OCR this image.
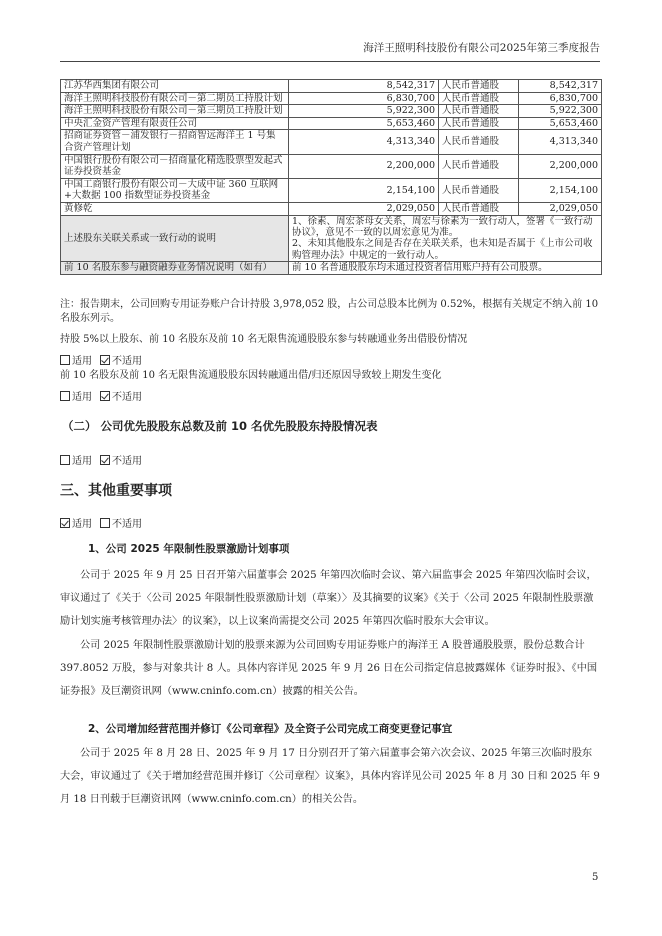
海洋王照明科技股份有限公司2025年第三季度报告
江苏华西集团有限公司	8,542,317	人民币普通股	8,542,317
海洋王照明科技股份有限公司－第二期员工持股计划	6,830,700	人民币普通股	6,830,700
海洋王照明科技股份有限公司－第三期员工持股计划	5,922,300	人民币普通股	5,922,300
中央汇金资产管理有限责任公司	5,653,460	人民币普通股	5,653,460
招商证券资管－浦发银行－招商智远海洋王 1 号集合资产管理计划	4,313,340	人民币普通股	4,313,340
中国银行股份有限公司－招商量化精选股票型发起式证券投资基金	2,200,000	人民币普通股	2,200,000
中国工商银行股份有限公司－大成中证 360 互联网+大数据 100 指数型证券投资基金	2,154,100	人民币普通股	2,154,100
黄修乾	2,029,050	人民币普通股	2,029,050
上述股东关联关系或一致行动的说明	1、徐素、周宏茶母女关系，周宏与徐素为一致行动人，签署《一致行动协议》，意见不一致的以周宏意见为准。
2、未知其他股东之间是否存在关联关系，也未知是否属于《上市公司收购管理办法》中规定的一致行动人。		

前 10 名股东参与融资融券业务情况说明（如有）	前 10 名普通股股东均未通过投资者信用账户持有公司股票。		

注：报告期末，公司回购专用证券账户合计持股 3,978,052 股，占公司总股本比例为 0.52%，根据有关规定不纳入前 10 名股东列示。

持股 5%以上股东、前 10 名股东及前 10 名无限售流通股股东参与转融通业务出借股份情况

适用 不适用

前 10 名股东及前 10 名无限售流通股股东因转融通出借/归还原因导致较上期发生变化

适用 不适用
（二） 公司优先股股东总数及前 10 名优先股股东持股情况表
适用 不适用
三、其他重要事项
适用 不适用
1、公司 2025 年限制性股票激励计划事项

公司于 2025 年 9 月 25 日召开第六届董事会 2025 年第四次临时会议、第六届监事会 2025 年第四次临时会议，审议通过了《关于〈公司 2025 年限制性股票激励计划（草案）〉及其摘要的议案》《关于〈公司 2025 年限制性股票激励计划实施考核管理办法〉的议案》，以上议案尚需提交公司 2025 年第四次临时股东大会审议。

公司 2025 年限制性股票激励计划的股票来源为公司回购专用证券账户的海洋王 A 股普通股股票，股份总数合计 397.8052 万股，参与对象共计 8 人。具体内容详见 2025 年 9 月 26 日在公司指定信息披露媒体《证券时报》、《中国证券报》及巨潮资讯网（www.cninfo.com.cn）披露的相关公告。

2、公司增加经营范围并修订《公司章程》及全资子公司完成工商变更登记事宜

公司于 2025 年 8 月 28 日、2025 年 9 月 17 日分别召开了第六届董事会第六次会议、2025 年第三次临时股东大会，审议通过了《关于增加经营范围并修订〈公司章程〉议案》，具体内容详见公司 2025 年 8 月 30 日和 2025 年 9 月 18 日刊载于巨潮资讯网（www.cninfo.com.cn）的相关公告。

5
